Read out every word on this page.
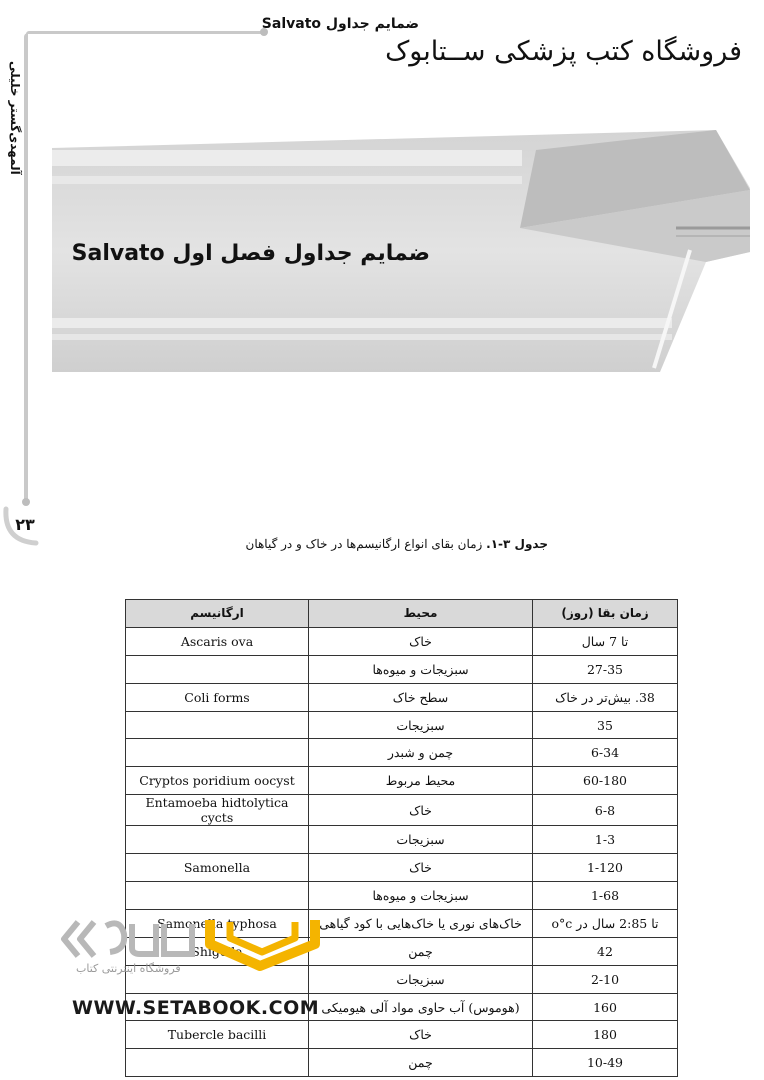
ضمایم جداول Salvato
فروشگاه کتب پزشکی ســتابوک
آلمهدی‌گستر خلیلی
ضمایم جداول فصل اول Salvato
۲۳
جدول ۳-۱. زمان بقای انواع ارگانیسم‌ها در خاک و در گیاهان
ارگانیسم	محیط	زمان بقا (روز)
Ascaris ova	خاک	تا 7 سال
	سبزیجات و میوه‌ها	27-35
Coli forms	سطح خاک	38. بیش‌تر در خاک
	سبزیجات	35
	چمن و شبدر	6-34
Cryptos poridium oocyst	محیط مربوط	60-180
Entamoeba hidtolytica cycts	خاک	6-8
	سبزیجات	1-3
Samonella	خاک	1-120
	سبزیجات و میوه‌ها	1-68
Samonella typhosa	خاک‌های نوری یا خاک‌هایی با کود گیاهی	تا 2:85 سال در o°c
Shigella	چمن	42
	سبزیجات	2-10
	(هوموس) آب حاوی مواد آلی هیومیکی	160
Tubercle bacilli	خاک	180
	چمن	10-49
فروشگاه اینترنتی کتاب
WWW.SETABOOK.COM
